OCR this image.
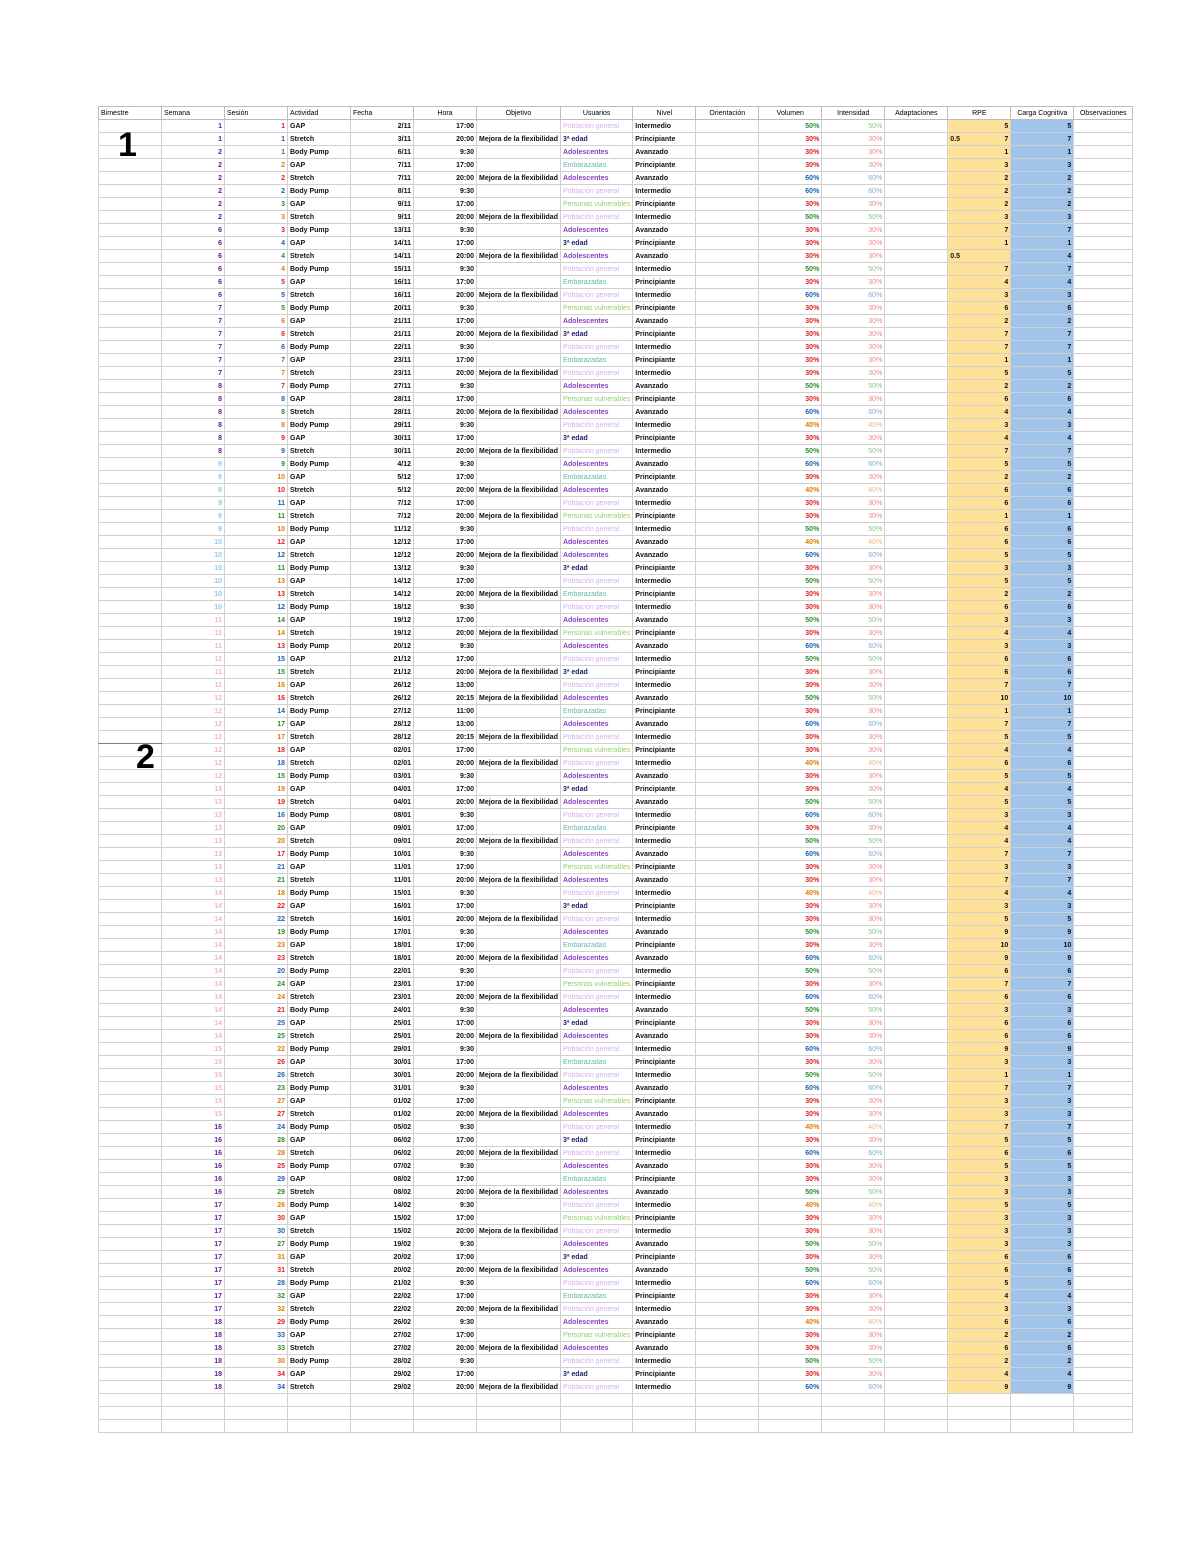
Bimestre	Semana	Sesión	Actividad	Fecha	Hora	Objetivo	Usuarios	Nivel	Orientación	Volumen	Intensidad	Adaptaciones	RPE	Carga Cognitiva	Observaciones
	1	1	GAP	2/11	17:00		Población general	Intermedio		50%	50%		5	5	
	1	1	Stretch	3/11	20:00	Mejora de la flexibilidad	3ª edad	Principiante		30%	30%		0.5 7	7	
	2	1	Body Pump	6/11	9:30		Adolescentes	Avanzado		30%	30%		1	1	
	2	2	GAP	7/11	17:00		Embarazadas	Principiante		30%	30%		3	3	
	2	2	Stretch	7/11	20:00	Mejora de la flexibilidad	Adolescentes	Avanzado		60%	60%		2	2	
	2	2	Body Pump	8/11	9:30		Población general	Intermedio		60%	60%		2	2	
	2	3	GAP	9/11	17:00		Personas vulnerables	Principiante		30%	30%		2	2	
	2	3	Stretch	9/11	20:00	Mejora de la flexibilidad	Población general	Intermedio		50%	50%		3	3	
	6	3	Body Pump	13/11	9:30		Adolescentes	Avanzado		30%	30%		7	7	
	6	4	GAP	14/11	17:00		3ª edad	Principiante		30%	30%		1	1	
	6	4	Stretch	14/11	20:00	Mejora de la flexibilidad	Adolescentes	Avanzado		30%	30%		0.5	4	
	6	4	Body Pump	15/11	9:30		Población general	Intermedio		50%	50%		7	7	
	6	5	GAP	16/11	17:00		Embarazadas	Principiante		30%	30%		4	4	
	6	5	Stretch	16/11	20:00	Mejora de la flexibilidad	Población general	Intermedio		60%	60%		3	3	
	7	5	Body Pump	20/11	9:30		Personas vulnerables	Principiante		30%	30%		6	6	
	7	6	GAP	21/11	17:00		Adolescentes	Avanzado		30%	30%		2	2	
	7	6	Stretch	21/11	20:00	Mejora de la flexibilidad	3ª edad	Principiante		30%	30%		7	7	
	7	6	Body Pump	22/11	9:30		Población general	Intermedio		30%	30%		7	7	
	7	7	GAP	23/11	17:00		Embarazadas	Principiante		30%	30%		1	1	
	7	7	Stretch	23/11	20:00	Mejora de la flexibilidad	Población general	Intermedio		30%	30%		5	5	
	8	7	Body Pump	27/11	9:30		Adolescentes	Avanzado		50%	50%		2	2	
	8	8	GAP	28/11	17:00		Personas vulnerables	Principiante		30%	30%		6	6	
	8	8	Stretch	28/11	20:00	Mejora de la flexibilidad	Adolescentes	Avanzado		60%	60%		4	4	
	8	8	Body Pump	29/11	9:30		Población general	Intermedio		40%	40%		3	3	
	8	9	GAP	30/11	17:00		3ª edad	Principiante		30%	30%		4	4	
	8	9	Stretch	30/11	20:00	Mejora de la flexibilidad	Población general	Intermedio		50%	50%		7	7	
	9	9	Body Pump	4/12	9:30		Adolescentes	Avanzado		60%	60%		5	5	
	9	10	GAP	5/12	17:00		Embarazadas	Principiante		30%	30%		2	2	
	9	10	Stretch	5/12	20:00	Mejora de la flexibilidad	Adolescentes	Avanzado		40%	40%		6	6	
	9	11	GAP	7/12	17:00		Población general	Intermedio		30%	30%		6	6	
	9	11	Stretch	7/12	20:00	Mejora de la flexibilidad	Personas vulnerables	Principiante		30%	30%		1	1	
	9	10	Body Pump	11/12	9:30		Población general	Intermedio		50%	50%		6	6	
	10	12	GAP	12/12	17:00		Adolescentes	Avanzado		40%	40%		6	6	
	10	12	Stretch	12/12	20:00	Mejora de la flexibilidad	Adolescentes	Avanzado		60%	60%		5	5	
	10	11	Body Pump	13/12	9:30		3ª edad	Principiante		30%	30%		3	3	
	10	13	GAP	14/12	17:00		Población general	Intermedio		50%	50%		5	5	
	10	13	Stretch	14/12	20:00	Mejora de la flexibilidad	Embarazadas	Principiante		30%	30%		2	2	
	10	12	Body Pump	18/12	9:30		Población general	Intermedio		30%	30%		6	6	
	11	14	GAP	19/12	17:00		Adolescentes	Avanzado		50%	50%		3	3	
	11	14	Stretch	19/12	20:00	Mejora de la flexibilidad	Personas vulnerables	Principiante		30%	30%		4	4	
	11	13	Body Pump	20/12	9:30		Adolescentes	Avanzado		60%	60%		3	3	
	11	15	GAP	21/12	17:00		Población general	Intermedio		50%	50%		6	6	
	11	15	Stretch	21/12	20:00	Mejora de la flexibilidad	3ª edad	Principiante		30%	30%		6	6	
	11	16	GAP	26/12	13:00		Población general	Intermedio		30%	30%		7	7	
	12	16	Stretch	26/12	20:15	Mejora de la flexibilidad	Adolescentes	Avanzado		50%	50%		10	10	
	12	14	Body Pump	27/12	11:00		Embarazadas	Principiante		30%	30%		1	1	
	12	17	GAP	28/12	13:00		Adolescentes	Avanzado		60%	60%		7	7	
	12	17	Stretch	28/12	20:15	Mejora de la flexibilidad	Población general	Intermedio		30%	30%		5	5	
	12	18	GAP	02/01	17:00		Personas vulnerables	Principiante		30%	30%		4	4	
	12	18	Stretch	02/01	20:00	Mejora de la flexibilidad	Población general	Intermedio		40%	40%		6	6	
	12	15	Body Pump	03/01	9:30		Adolescentes	Avanzado		30%	30%		5	5	
	13	19	GAP	04/01	17:00		3ª edad	Principiante		30%	30%		4	4	
	13	19	Stretch	04/01	20:00	Mejora de la flexibilidad	Adolescentes	Avanzado		50%	50%		5	5	
	13	16	Body Pump	08/01	9:30		Población general	Intermedio		60%	60%		3	3	
	13	20	GAP	09/01	17:00		Embarazadas	Principiante		30%	30%		4	4	
	13	20	Stretch	09/01	20:00	Mejora de la flexibilidad	Población general	Intermedio		50%	50%		4	4	
	13	17	Body Pump	10/01	9:30		Adolescentes	Avanzado		60%	60%		7	7	
	13	21	GAP	11/01	17:00		Personas vulnerables	Principiante		30%	30%		3	3	
	13	21	Stretch	11/01	20:00	Mejora de la flexibilidad	Adolescentes	Avanzado		30%	30%		7	7	
	14	18	Body Pump	15/01	9:30		Población general	Intermedio		40%	40%		4	4	
	14	22	GAP	16/01	17:00		3ª edad	Principiante		30%	30%		3	3	
	14	22	Stretch	16/01	20:00	Mejora de la flexibilidad	Población general	Intermedio		30%	30%		5	5	
	14	19	Body Pump	17/01	9:30		Adolescentes	Avanzado		50%	50%		9	9	
	14	23	GAP	18/01	17:00		Embarazadas	Principiante		30%	30%		10	10	
	14	23	Stretch	18/01	20:00	Mejora de la flexibilidad	Adolescentes	Avanzado		60%	60%		9	9	
	14	20	Body Pump	22/01	9:30		Población general	Intermedio		50%	50%		6	6	
	14	24	GAP	23/01	17:00		Personas vulnerables	Principiante		30%	30%		7	7	
	14	24	Stretch	23/01	20:00	Mejora de la flexibilidad	Población general	Intermedio		60%	60%		6	6	
	14	21	Body Pump	24/01	9:30		Adolescentes	Avanzado		50%	50%		3	3	
	14	25	GAP	25/01	17:00		3ª edad	Principiante		30%	30%		6	6	
	14	25	Stretch	25/01	20:00	Mejora de la flexibilidad	Adolescentes	Avanzado		30%	30%		6	6	
	15	22	Body Pump	29/01	9:30		Población general	Intermedio		60%	60%		9	9	
	15	26	GAP	30/01	17:00		Embarazadas	Principiante		30%	30%		3	3	
	15	26	Stretch	30/01	20:00	Mejora de la flexibilidad	Población general	Intermedio		50%	50%		1	1	
	15	23	Body Pump	31/01	9:30		Adolescentes	Avanzado		60%	60%		7	7	
	15	27	GAP	01/02	17:00		Personas vulnerables	Principiante		30%	30%		3	3	
	15	27	Stretch	01/02	20:00	Mejora de la flexibilidad	Adolescentes	Avanzado		30%	30%		3	3	
	16	24	Body Pump	05/02	9:30		Población general	Intermedio		40%	40%		7	7	
	16	28	GAP	06/02	17:00		3ª edad	Principiante		30%	30%		5	5	
	16	28	Stretch	06/02	20:00	Mejora de la flexibilidad	Población general	Intermedio		60%	60%		6	6	
	16	25	Body Pump	07/02	9:30		Adolescentes	Avanzado		30%	30%		5	5	
	16	29	GAP	08/02	17:00		Embarazadas	Principiante		30%	30%		3	3	
	16	29	Stretch	08/02	20:00	Mejora de la flexibilidad	Adolescentes	Avanzado		50%	50%		3	3	
	17	26	Body Pump	14/02	9:30		Población general	Intermedio		40%	40%		5	5	
	17	30	GAP	15/02	17:00		Personas vulnerables	Principiante		30%	30%		3	3	
	17	30	Stretch	15/02	20:00	Mejora de la flexibilidad	Población general	Intermedio		30%	30%		3	3	
	17	27	Body Pump	19/02	9:30		Adolescentes	Avanzado		50%	50%		3	3	
	17	31	GAP	20/02	17:00		3ª edad	Principiante		30%	30%		6	6	
	17	31	Stretch	20/02	20:00	Mejora de la flexibilidad	Adolescentes	Avanzado		50%	50%		6	6	
	17	28	Body Pump	21/02	9:30		Población general	Intermedio		60%	60%		5	5	
	17	32	GAP	22/02	17:00		Embarazadas	Principiante		30%	30%		4	4	
	17	32	Stretch	22/02	20:00	Mejora de la flexibilidad	Población general	Intermedio		30%	30%		3	3	
	18	29	Body Pump	26/02	9:30		Adolescentes	Avanzado		40%	40%		6	6	
	18	33	GAP	27/02	17:00		Personas vulnerables	Principiante		30%	30%		2	2	
	18	33	Stretch	27/02	20:00	Mejora de la flexibilidad	Adolescentes	Avanzado		30%	30%		6	6	
	18	30	Body Pump	28/02	9:30		Población general	Intermedio		50%	50%		2	2	
	18	34	GAP	29/02	17:00		3ª edad	Principiante		30%	30%		4	4	
	18	34	Stretch	29/02	20:00	Mejora de la flexibilidad	Población general	Intermedio		60%	60%		9	9	

1
2
